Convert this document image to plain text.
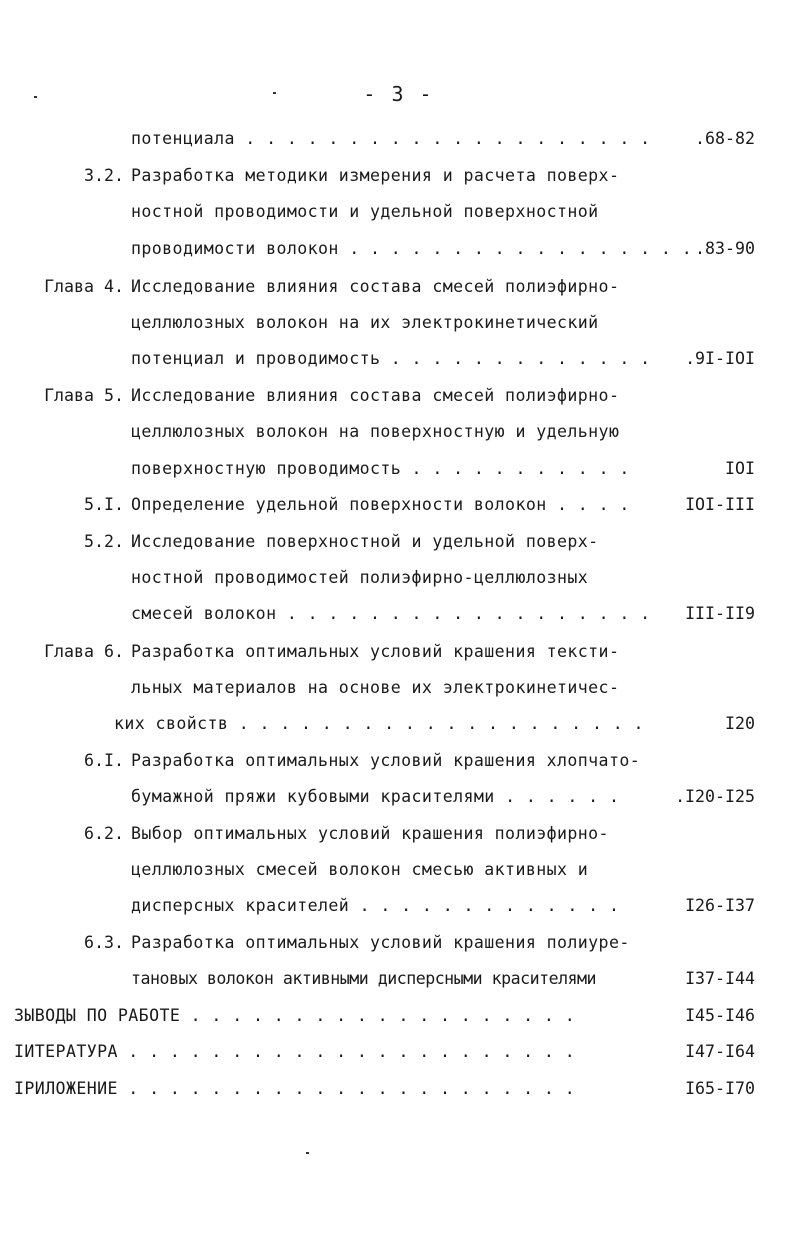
- 3 -
потенциала . . . . . . . . . . . . . . . . . . . .	.68-82
3.2. Разработка методики измерения и расчета поверх-
ностной проводимости и удельной поверхностной
проводимости волокон . . . . . . . . . . . . . . . . . .83-90
Глава 4. Исследование влияния состава смесей полиэфирно-
целлюлозных волокон на их электрокинетический
потенциал и проводимость . . . . . . . . . . . . . .9I-IOI
Глава 5. Исследование влияния состава смесей полиэфирно-
целлюлозных волокон на поверхностную и удельную
поверхностную проводимость . . . . . . . . . . .	IOI
5.I. Определение удельной поверхности волокон . . . .	IOI-III
5.2. Исследование поверхностной и удельной поверх-
ностной проводимостей полиэфирно-целлюлозных
смесей волокон . . . . . . . . . . . . . . . . . . III-II9
Глава 6. Разработка оптимальных условий крашения тексти-
льных материалов на основе их электрокинетичес-
ких свойств . . . . . . . . . . . . . . . . . . . .	I20
6.I. Разработка оптимальных условий крашения хлопчато-
бумажной пряжи кубовыми красителями . . . . . .	.I20-I25
6.2. Выбор оптимальных условий крашения полиэфирно-
целлюлозных смесей волокон смесью активных и
дисперсных красителей . . . . . . . . . . . . .	I26-I37
6.3. Разработка оптимальных условий крашения полиуре-
тановых волокон активными дисперсными красителями	I37-I44
ЗЫВОДЫ ПО РАБОТЕ . . . . . . . . . . . . . . . . . . .	I45-I46
ІИТЕРАТУРА . . . . . . . . . . . . . . . . . . . . . .	I47-I64
ІРИЛОЖЕНИЕ . . . . . . . . . . . . . . . . . . . . . .	I65-I70
